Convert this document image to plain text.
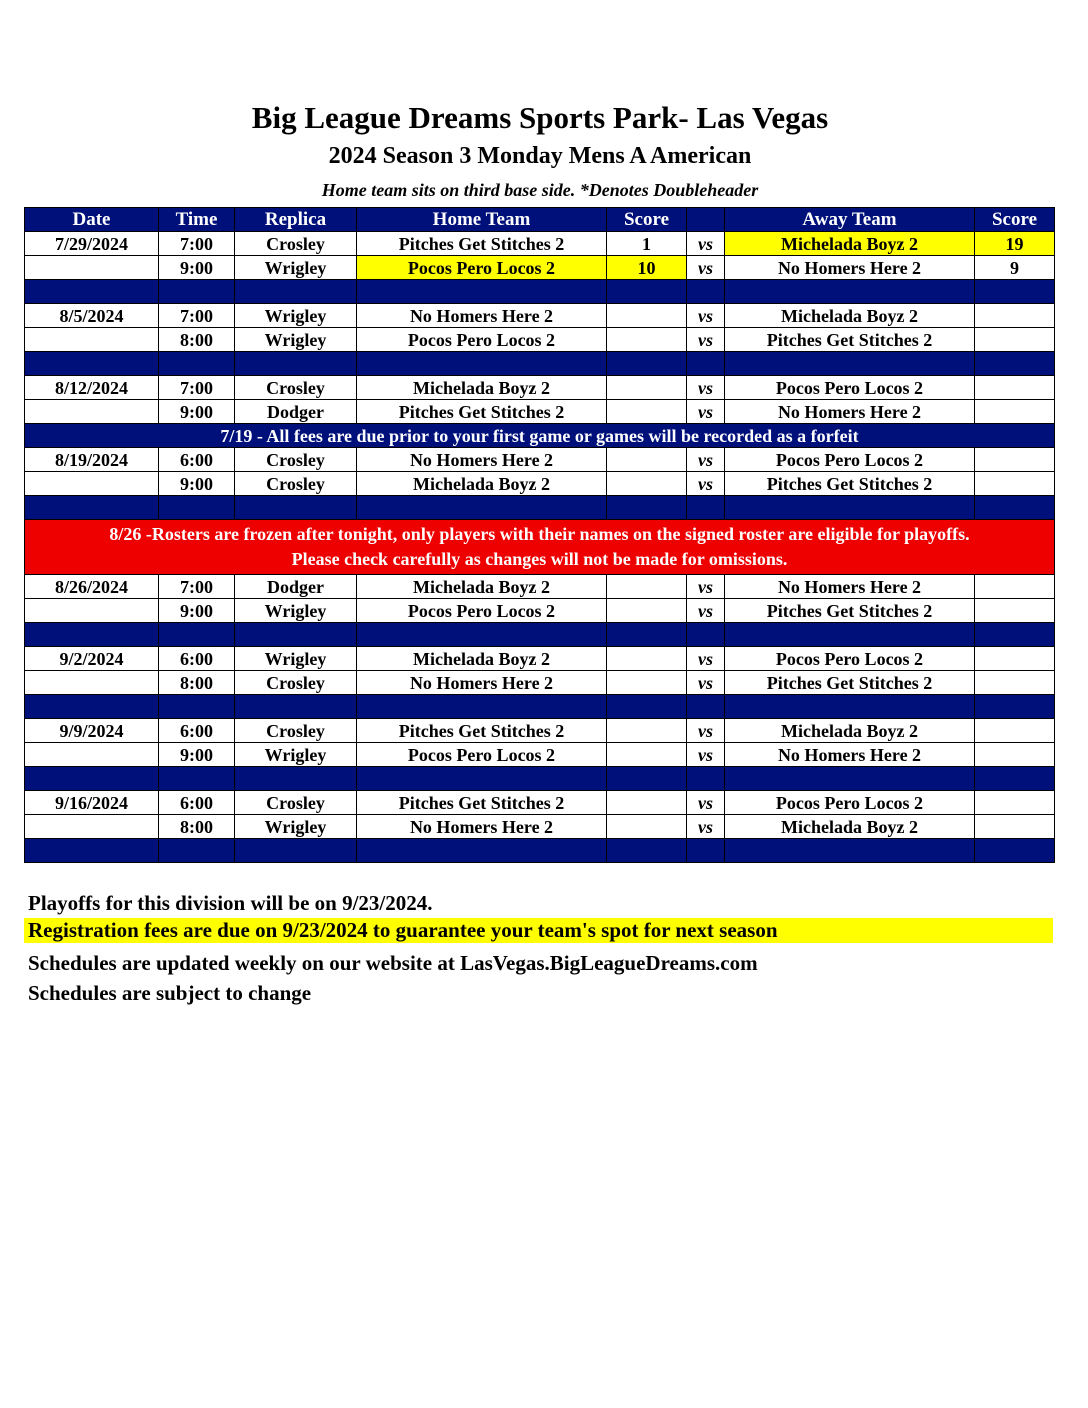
Big League Dreams Sports Park- Las Vegas
2024 Season 3 Monday Mens A American
Home team sits on third base side. *Denotes Doubleheader
Date	Time	Replica	Home Team	Score		Away Team	Score
7/29/2024	7:00	Crosley	Pitches Get Stitches 2	1	vs	Michelada Boyz 2	19
	9:00	Wrigley	Pocos Pero Locos 2	10	vs	No Homers Here 2	9

8/5/2024	7:00	Wrigley	No Homers Here 2		vs	Michelada Boyz 2	
	8:00	Wrigley	Pocos Pero Locos 2		vs	Pitches Get Stitches 2	

8/12/2024	7:00	Crosley	Michelada Boyz 2		vs	Pocos Pero Locos 2	
	9:00	Dodger	Pitches Get Stitches 2		vs	No Homers Here 2	
7/19 - All fees are due prior to your first game or games will be recorded as a forfeit							
8/19/2024	6:00	Crosley	No Homers Here 2		vs	Pocos Pero Locos 2	
	9:00	Crosley	Michelada Boyz 2		vs	Pitches Get Stitches 2	

8/26 -Rosters are frozen after tonight, only players with their names on the signed roster are eligible for playoffs.
Please check carefully as changes will not be made for omissions.							

8/26/2024	7:00	Dodger	Michelada Boyz 2		vs	No Homers Here 2	
	9:00	Wrigley	Pocos Pero Locos 2		vs	Pitches Get Stitches 2	

9/2/2024	6:00	Wrigley	Michelada Boyz 2		vs	Pocos Pero Locos 2	
	8:00	Crosley	No Homers Here 2		vs	Pitches Get Stitches 2	

9/9/2024	6:00	Crosley	Pitches Get Stitches 2		vs	Michelada Boyz 2	
	9:00	Wrigley	Pocos Pero Locos 2		vs	No Homers Here 2	

9/16/2024	6:00	Crosley	Pitches Get Stitches 2		vs	Pocos Pero Locos 2	
	8:00	Wrigley	No Homers Here 2		vs	Michelada Boyz 2	

Playoffs for this division will be on 9/23/2024.
Registration fees are due on 9/23/2024 to guarantee your team's spot for next season
Schedules are updated weekly on our website at LasVegas.BigLeagueDreams.com
Schedules are subject to change
